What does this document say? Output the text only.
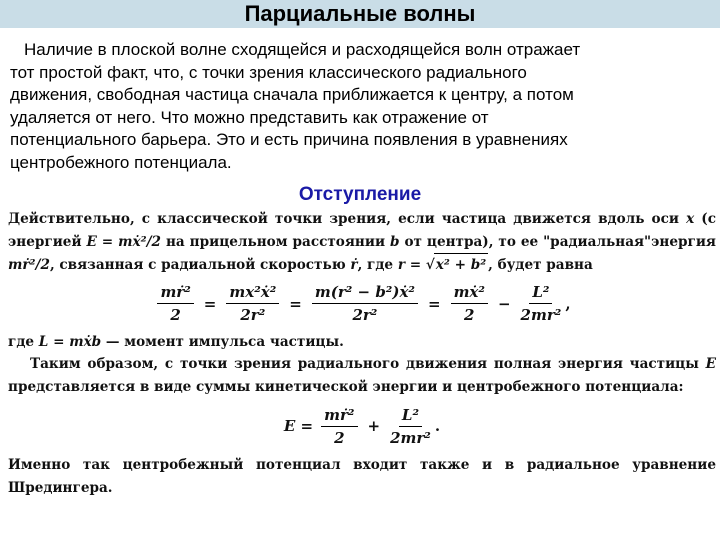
Парциальные волны
Наличие в плоской волне сходящейся и расходящейся волн отражает
тот простой факт, что, с точки зрения классического радиального
движения, свободная частица сначала приближается к центру, а потом
удаляется от него. Что можно представить как отражение от
потенциального барьера. Это и есть причина появления в уравнениях
центробежного потенциала.
Отступление

Действительно, с классической точки зрения, если частица движется вдоль оси x (с энергией E = mẋ²/2 на прицельном расстоянии b от центра), то ее "радиальная"энергия mṙ²/2, связанная с радиальной скоростью ṙ, где r = √x² + b² , будет равна

$\frac{\text{mṙ²}}{2} = \frac{\text{mx²ẋ²}}{\text{2r²}} = \frac{\text{m(r² − b²)ẋ²}}{\text{2r²}} = \frac{\text{mẋ²}}{2} - \frac{\text{L²}}{\text{2mr²}}$ ,

где L = mẋb — момент импульса частицы.

Таким образом, с точки зрения радиального движения полная энергия частицы E представляется в виде суммы кинетической энергии и центробежного потенциала:

$E = \frac{\text{mṙ²}}{2} + \frac{\text{L²}}{\text{2mr²}}$ .

Именно так центробежный потенциал входит также и в радиальное уравнение Шредингера.
